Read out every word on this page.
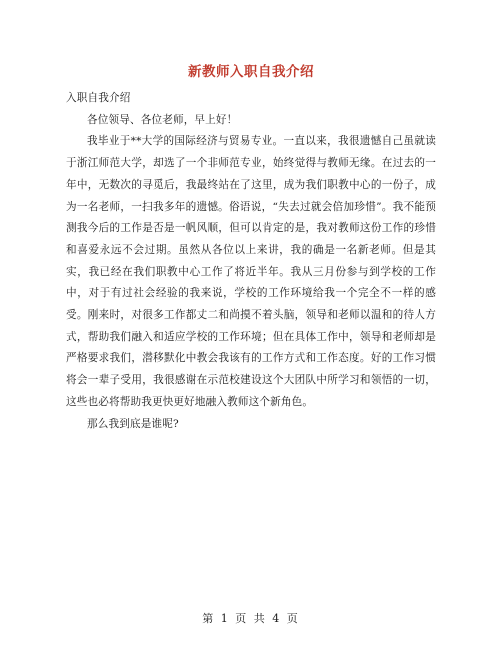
新教师入职自我介绍

入职自我介绍

各位领导、各位老师，早上好！

我毕业于**大学的国际经济与贸易专业。一直以来，我很遗憾自己虽就读于浙江师范大学，却选了一个非师范专业，始终觉得与教师无缘。在过去的一年中，无数次的寻觅后，我最终站在了这里，成为我们职教中心的一份子，成为一名老师，一扫我多年的遗憾。俗语说，“失去过就会倍加珍惜”。我不能预测我今后的工作是否是一帆风顺，但可以肯定的是，我对教师这份工作的珍惜和喜爱永远不会过期。虽然从各位以上来讲，我的确是一名新老师。但是其实，我已经在我们职教中心工作了将近半年。我从三月份参与到学校的工作中，对于有过社会经验的我来说，学校的工作环境给我一个完全不一样的感受。刚来时，对很多工作都丈二和尚摸不着头脑，领导和老师以温和的待人方式，帮助我们融入和适应学校的工作环境；但在具体工作中，领导和老师却是严格要求我们，潜移默化中教会我该有的工作方式和工作态度。好的工作习惯将会一辈子受用，我很感谢在示范校建设这个大团队中所学习和领悟的一切，这些也必将帮助我更快更好地融入教师这个新角色。

那么我到底是谁呢?

第 1 页 共 4 页
